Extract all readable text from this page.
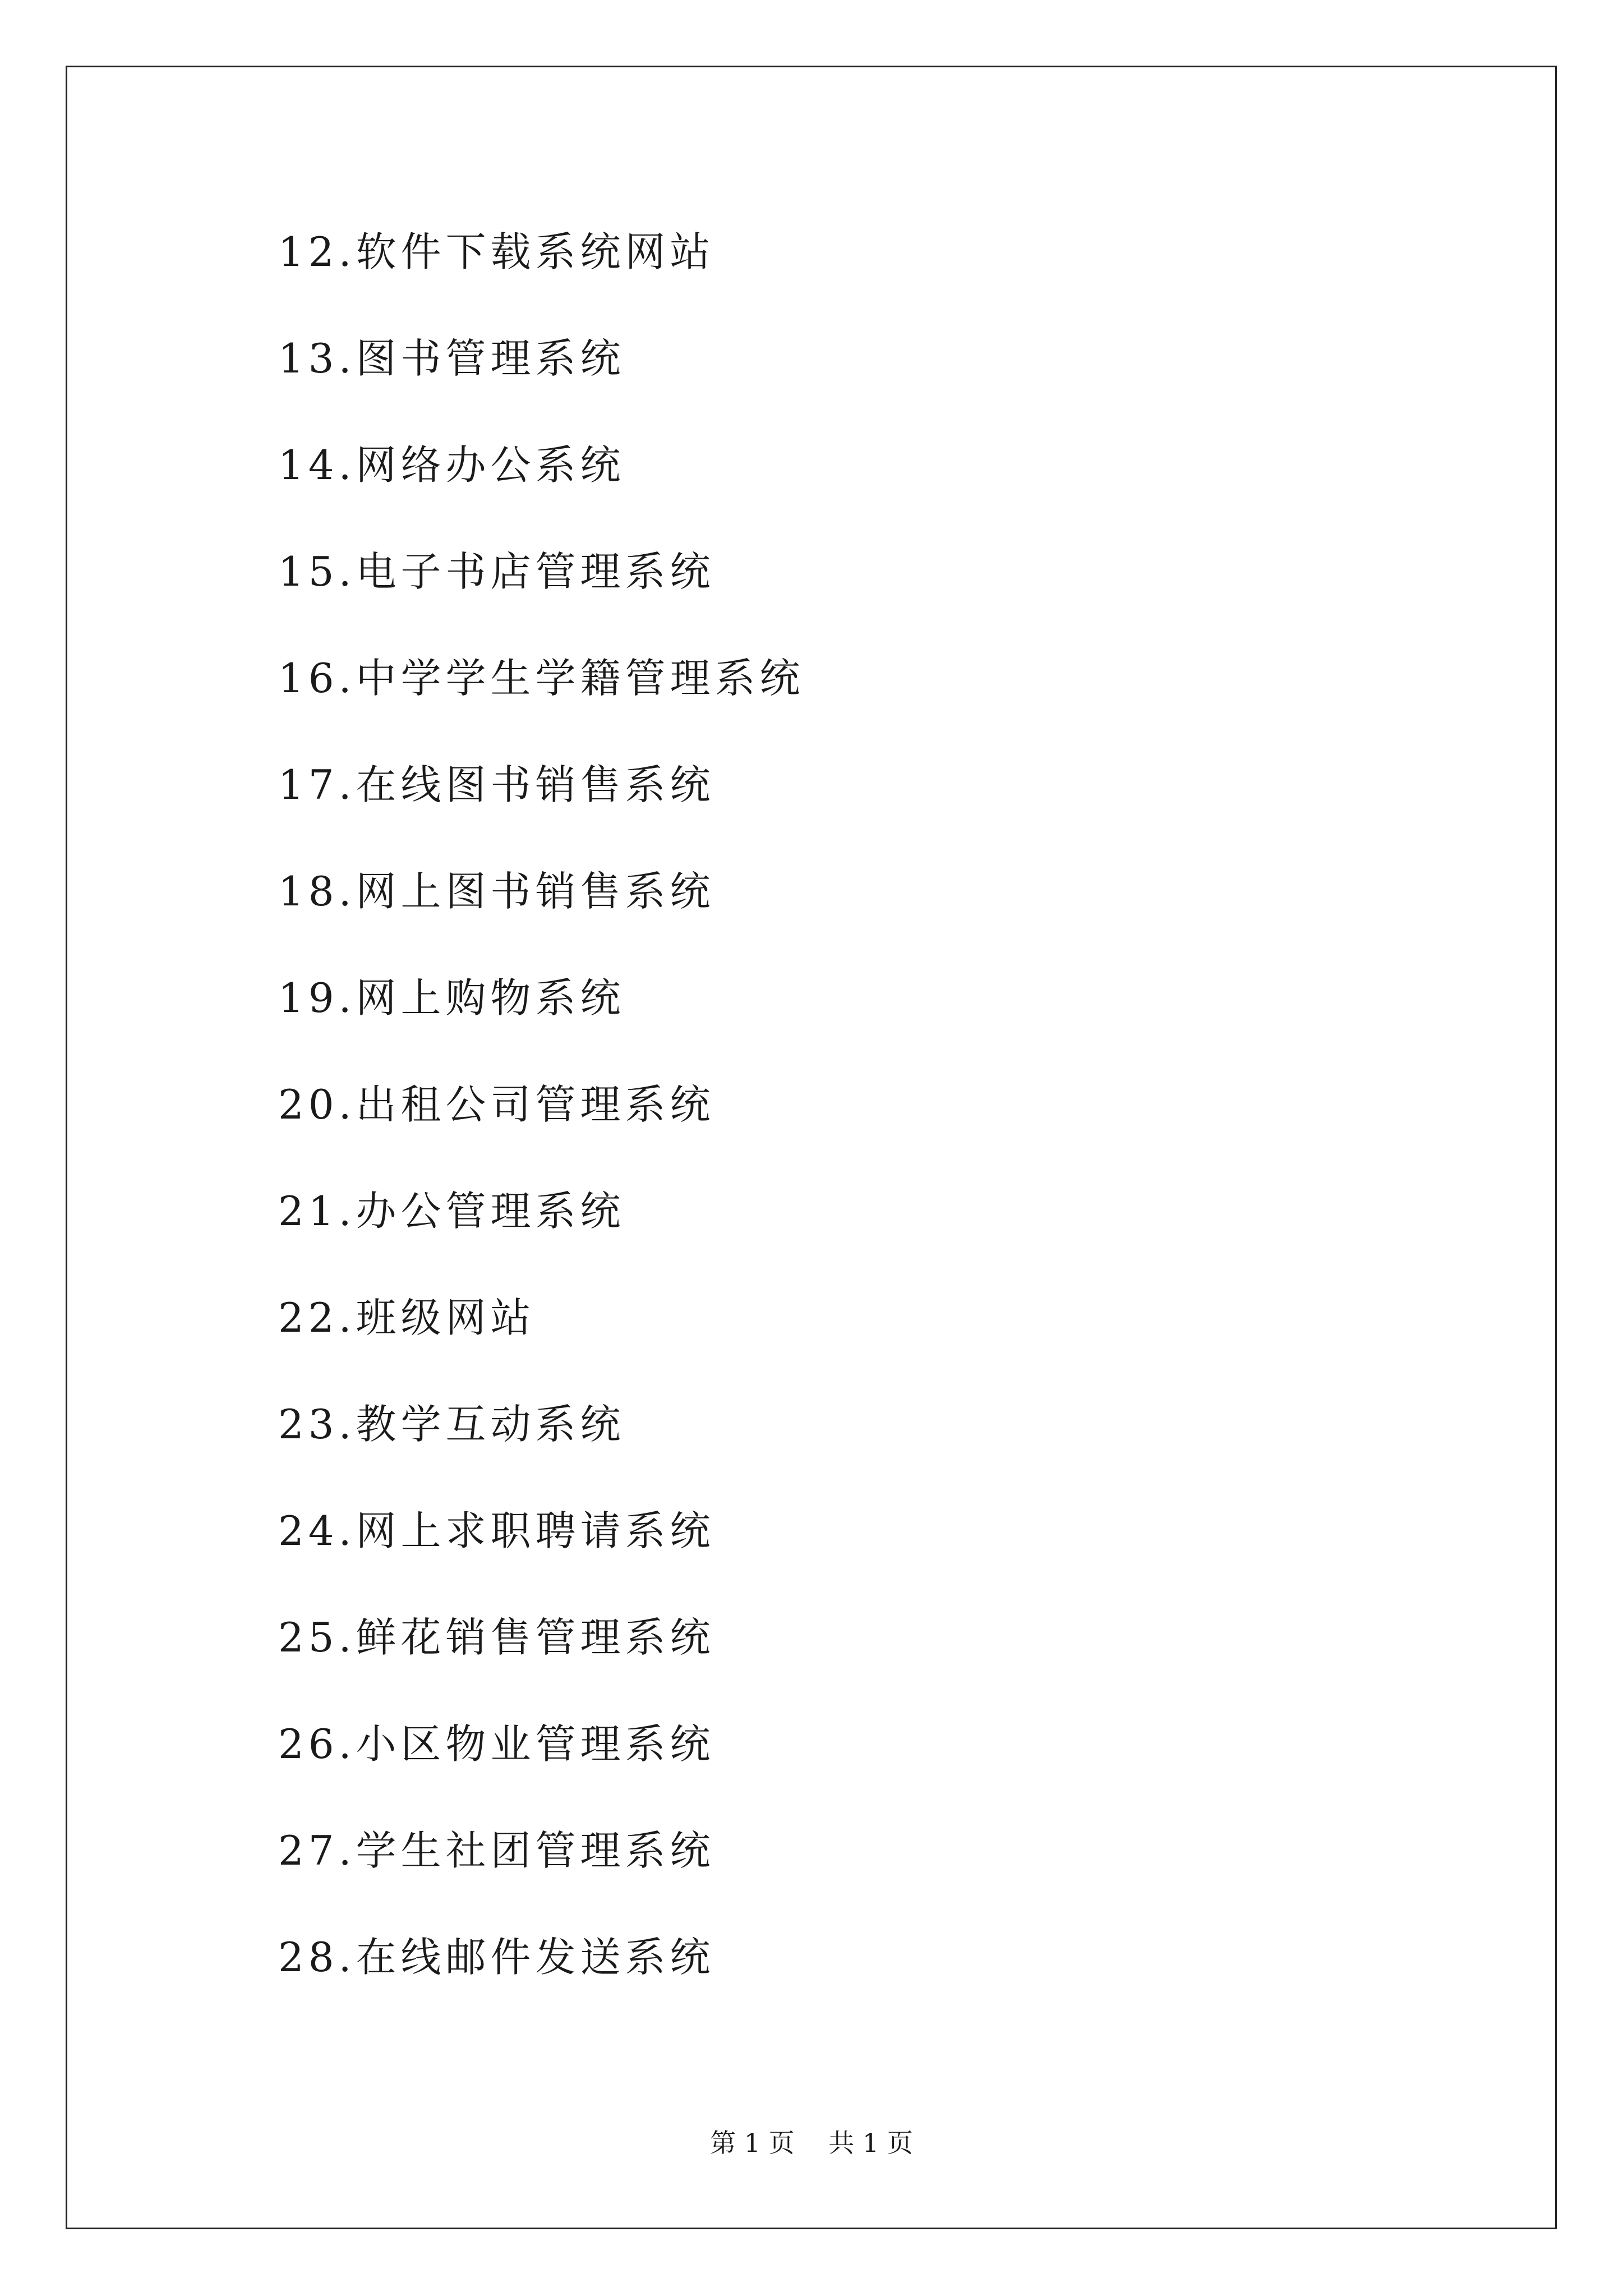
12.软件下载系统网站
13.图书管理系统
14.网络办公系统
15.电子书店管理系统
16.中学学生学籍管理系统
17.在线图书销售系统
18.网上图书销售系统
19.网上购物系统
20.出租公司管理系统
21.办公管理系统
22.班级网站
23.教学互动系统
24.网上求职聘请系统
25.鲜花销售管理系统
26.小区物业管理系统
27.学生社团管理系统
28.在线邮件发送系统
第 1 页　 共 1 页
